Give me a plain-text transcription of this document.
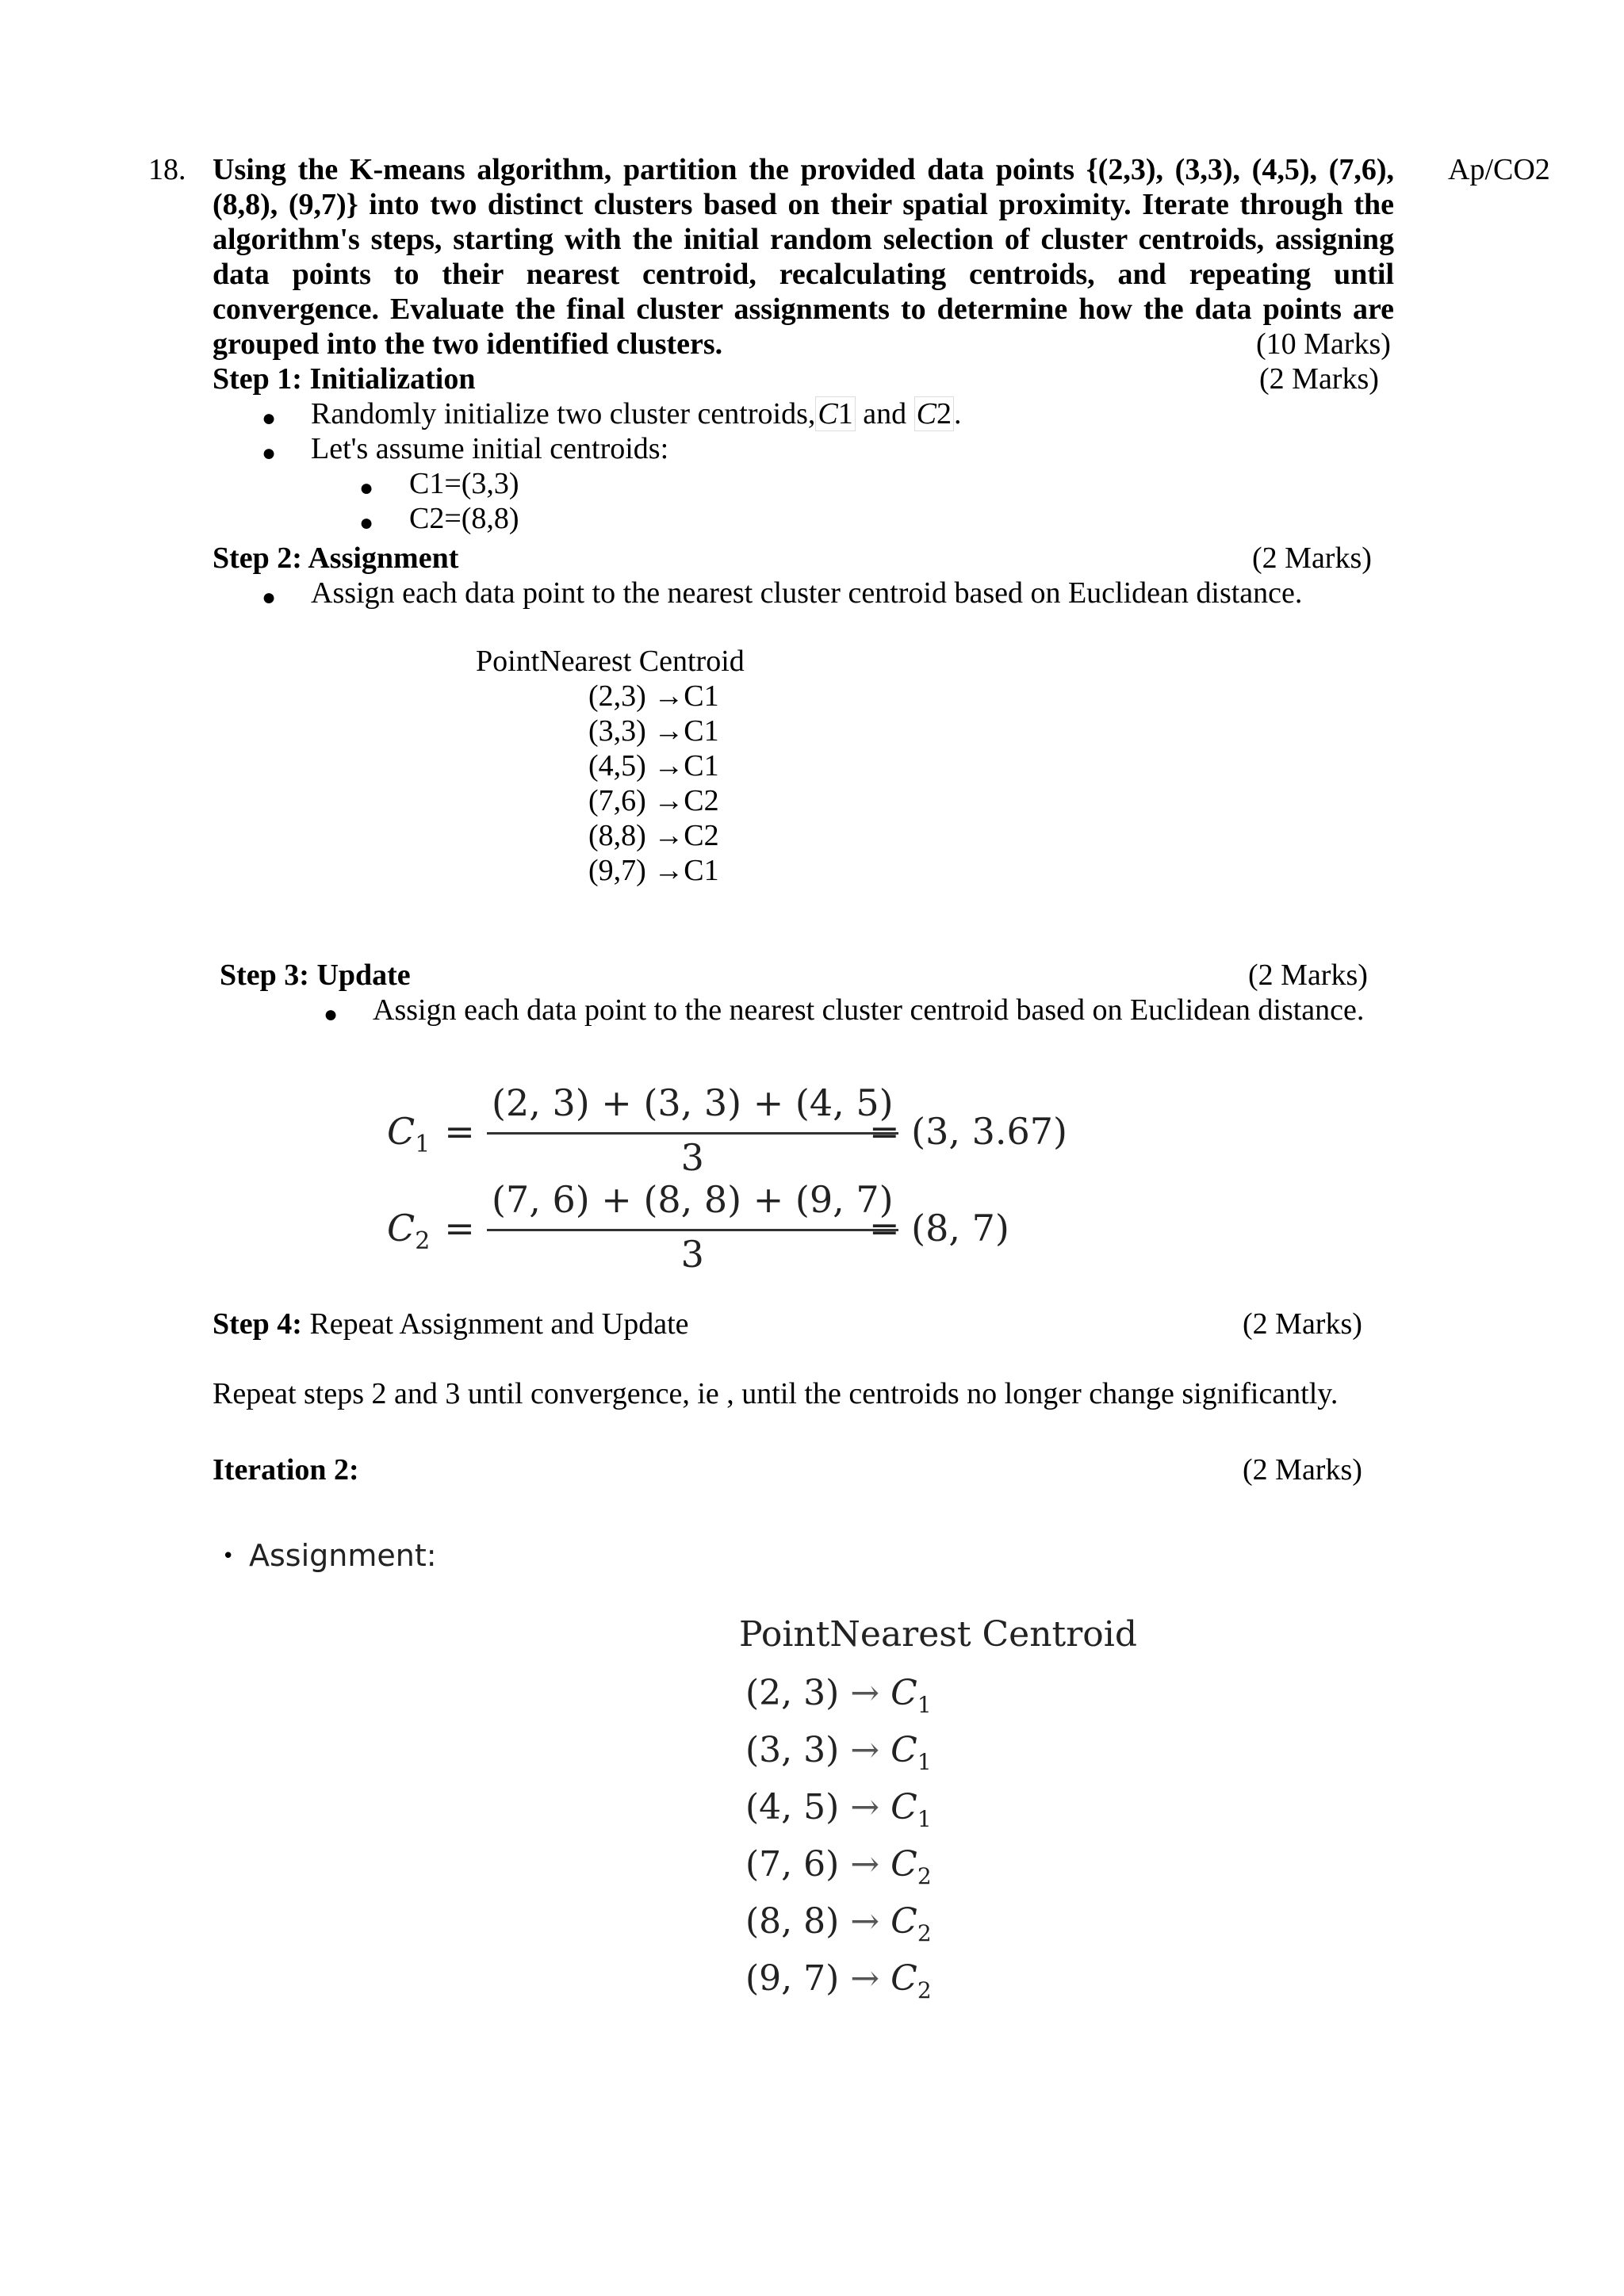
18.	Ap/CO2
Using the K-means algorithm, partition the provided data points {(2,3), (3,3), (4,5), (7,6),
(8,8), (9,7)} into two distinct clusters based on their spatial proximity. Iterate through the
algorithm's steps, starting with the initial random selection of cluster centroids, assigning
data points to their nearest centroid, recalculating centroids, and repeating until
convergence. Evaluate the final cluster assignments to determine how the data points are
grouped into the two identified clusters.	(10 Marks)
Step 1: Initialization	(2 Marks)
● Randomly initialize two cluster centroids,C1 and C2.
● Let's assume initial centroids:
● C1=(3,3)
● C2=(8,8)
Step 2: Assignment	(2 Marks)
● Assign each data point to the nearest cluster centroid based on Euclidean distance.
PointNearest Centroid
(2,3) →C1
(3,3) →C1
(4,5) →C1
(7,6) →C2
(8,8) →C2
(9,7) →C1
Step 3: Update	(2 Marks)
● Assign each data point to the nearest cluster centroid based on Euclidean distance.
$C_1 = \frac{(2, 3) + (3, 3) + (4, 5)}{3}$
= (3, 3.67)
$C_2 = \frac{(7, 6) + (8, 8) + (9, 7)}{3}$
= (8, 7)
Step 4: Repeat Assignment and Update	(2 Marks)
Repeat steps 2 and 3 until convergence, ie , until the centroids no longer change significantly.
Iteration 2:	(2 Marks)
• Assignment:
PointNearest Centroid
(2, $3) \to C_1$
(3, $3) \to C_1$
(4, $5) \to C_1$
(7, $6) \to C_2$
(8, $8) \to C_2$
(9, $7) \to C_2$
